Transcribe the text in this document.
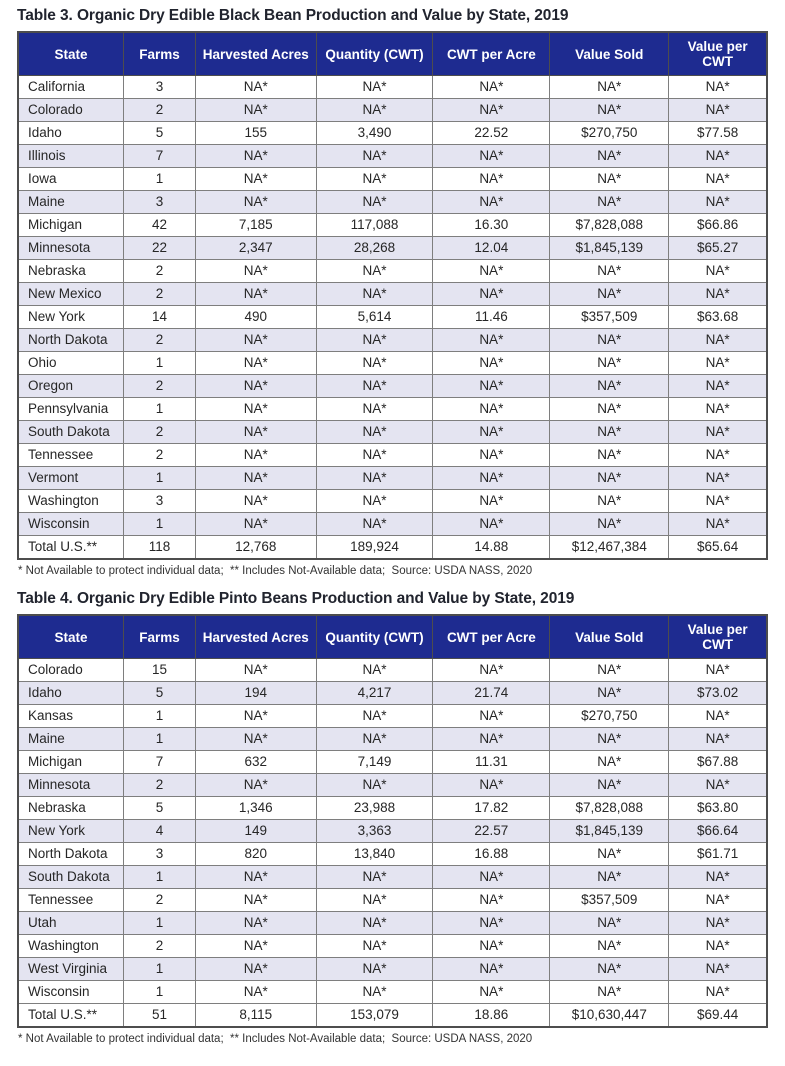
Table 3. Organic Dry Edible Black Bean Production and Value by State, 2019
State	Farms	Harvested Acres	Quantity (CWT)	CWT per Acre	Value Sold	Value per CWT
California	3	NA*	NA*	NA*	NA*	NA*
Colorado	2	NA*	NA*	NA*	NA*	NA*
Idaho	5	155	3,490	22.52	$270,750	$77.58
Illinois	7	NA*	NA*	NA*	NA*	NA*
Iowa	1	NA*	NA*	NA*	NA*	NA*
Maine	3	NA*	NA*	NA*	NA*	NA*
Michigan	42	7,185	117,088	16.30	$7,828,088	$66.86
Minnesota	22	2,347	28,268	12.04	$1,845,139	$65.27
Nebraska	2	NA*	NA*	NA*	NA*	NA*
New Mexico	2	NA*	NA*	NA*	NA*	NA*
New York	14	490	5,614	11.46	$357,509	$63.68
North Dakota	2	NA*	NA*	NA*	NA*	NA*
Ohio	1	NA*	NA*	NA*	NA*	NA*
Oregon	2	NA*	NA*	NA*	NA*	NA*
Pennsylvania	1	NA*	NA*	NA*	NA*	NA*
South Dakota	2	NA*	NA*	NA*	NA*	NA*
Tennessee	2	NA*	NA*	NA*	NA*	NA*
Vermont	1	NA*	NA*	NA*	NA*	NA*
Washington	3	NA*	NA*	NA*	NA*	NA*
Wisconsin	1	NA*	NA*	NA*	NA*	NA*
Total U.S.**	118	12,768	189,924	14.88	$12,467,384	$65.64

* Not Available to protect individual data;  ** Includes Not-Available data;  Source: USDA NASS, 2020

Table 4. Organic Dry Edible Pinto Beans Production and Value by State, 2019
State	Farms	Harvested Acres	Quantity (CWT)	CWT per Acre	Value Sold	Value per CWT
Colorado	15	NA*	NA*	NA*	NA*	NA*
Idaho	5	194	4,217	21.74	NA*	$73.02
Kansas	1	NA*	NA*	NA*	$270,750	NA*
Maine	1	NA*	NA*	NA*	NA*	NA*
Michigan	7	632	7,149	11.31	NA*	$67.88
Minnesota	2	NA*	NA*	NA*	NA*	NA*
Nebraska	5	1,346	23,988	17.82	$7,828,088	$63.80
New York	4	149	3,363	22.57	$1,845,139	$66.64
North Dakota	3	820	13,840	16.88	NA*	$61.71
South Dakota	1	NA*	NA*	NA*	NA*	NA*
Tennessee	2	NA*	NA*	NA*	$357,509	NA*
Utah	1	NA*	NA*	NA*	NA*	NA*
Washington	2	NA*	NA*	NA*	NA*	NA*
West Virginia	1	NA*	NA*	NA*	NA*	NA*
Wisconsin	1	NA*	NA*	NA*	NA*	NA*
Total U.S.**	51	8,115	153,079	18.86	$10,630,447	$69.44

* Not Available to protect individual data;  ** Includes Not-Available data;  Source: USDA NASS, 2020
